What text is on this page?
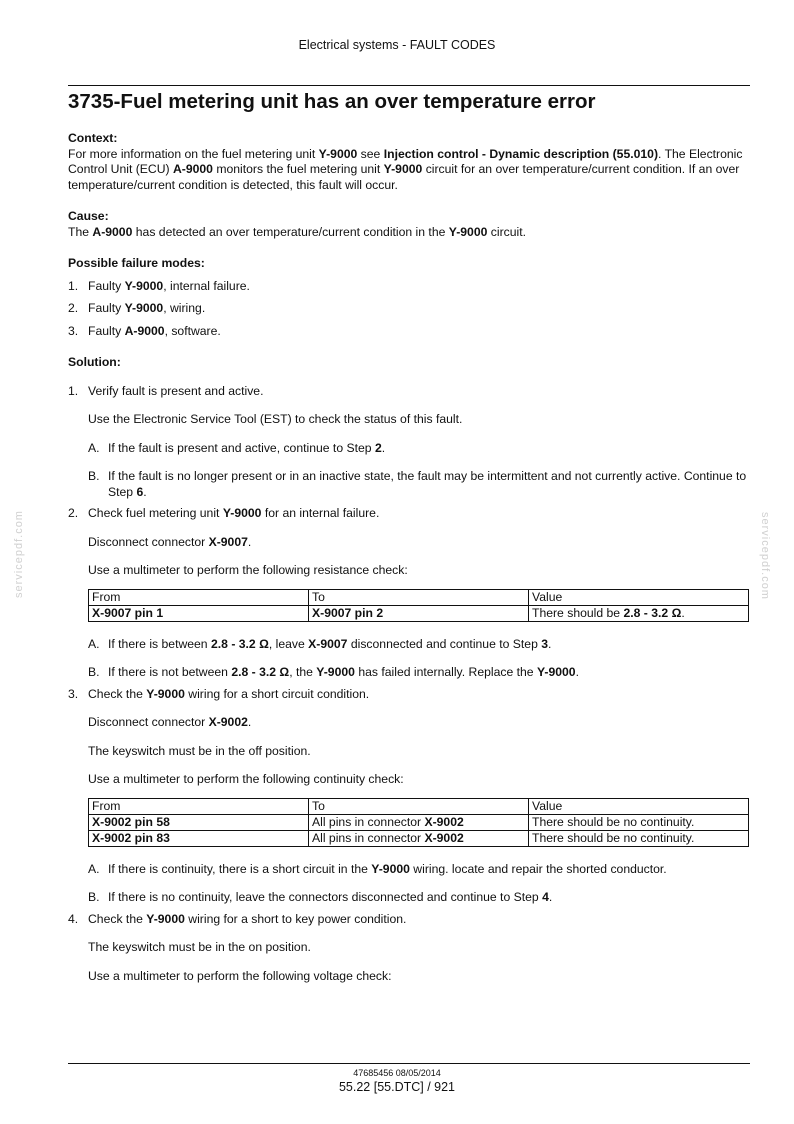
Electrical systems - FAULT CODES
3735-Fuel metering unit has an over temperature error
servicepdf.com	servicepdf.com
Context:
For more information on the fuel metering unit Y-9000 see Injection control - Dynamic description (55.010). The Electronic Control Unit (ECU) A-9000 monitors the fuel metering unit Y-9000 circuit for an over temperature/current condition. If an over temperature/current condition is detected, this fault will occur.
Cause:
The A-9000 has detected an over temperature/current condition in the Y-9000 circuit.
Possible failure modes:
1. Faulty Y-9000, internal failure.
2. Faulty Y-9000, wiring.
3. Faulty A-9000, software.
Solution:
1. Verify fault is present and active.
Use the Electronic Service Tool (EST) to check the status of this fault.
A. If the fault is present and active, continue to Step 2.
B. If the fault is no longer present or in an inactive state, the fault may be intermittent and not currently active. Continue to Step 6.
2. Check fuel metering unit Y-9000 for an internal failure.
Disconnect connector X-9007.
Use a multimeter to perform the following resistance check:
From	To	Value
X-9007 pin 1	X-9007 pin 2	There should be 2.8 - 3.2 Ω.
A. If there is between 2.8 - 3.2 Ω, leave X-9007 disconnected and continue to Step 3.
B. If there is not between 2.8 - 3.2 Ω, the Y-9000 has failed internally. Replace the Y-9000.
3. Check the Y-9000 wiring for a short circuit condition.
Disconnect connector X-9002.
The keyswitch must be in the off position.
Use a multimeter to perform the following continuity check:
From	To	Value
X-9002 pin 58	All pins in connector X-9002	There should be no continuity.
X-9002 pin 83	All pins in connector X-9002	There should be no continuity.
A. If there is continuity, there is a short circuit in the Y-9000 wiring. locate and repair the shorted conductor.
B. If there is no continuity, leave the connectors disconnected and continue to Step 4.
4. Check the Y-9000 wiring for a short to key power condition.
The keyswitch must be in the on position.
Use a multimeter to perform the following voltage check:
47685456 08/05/2014
55.22 [55.DTC] / 921
